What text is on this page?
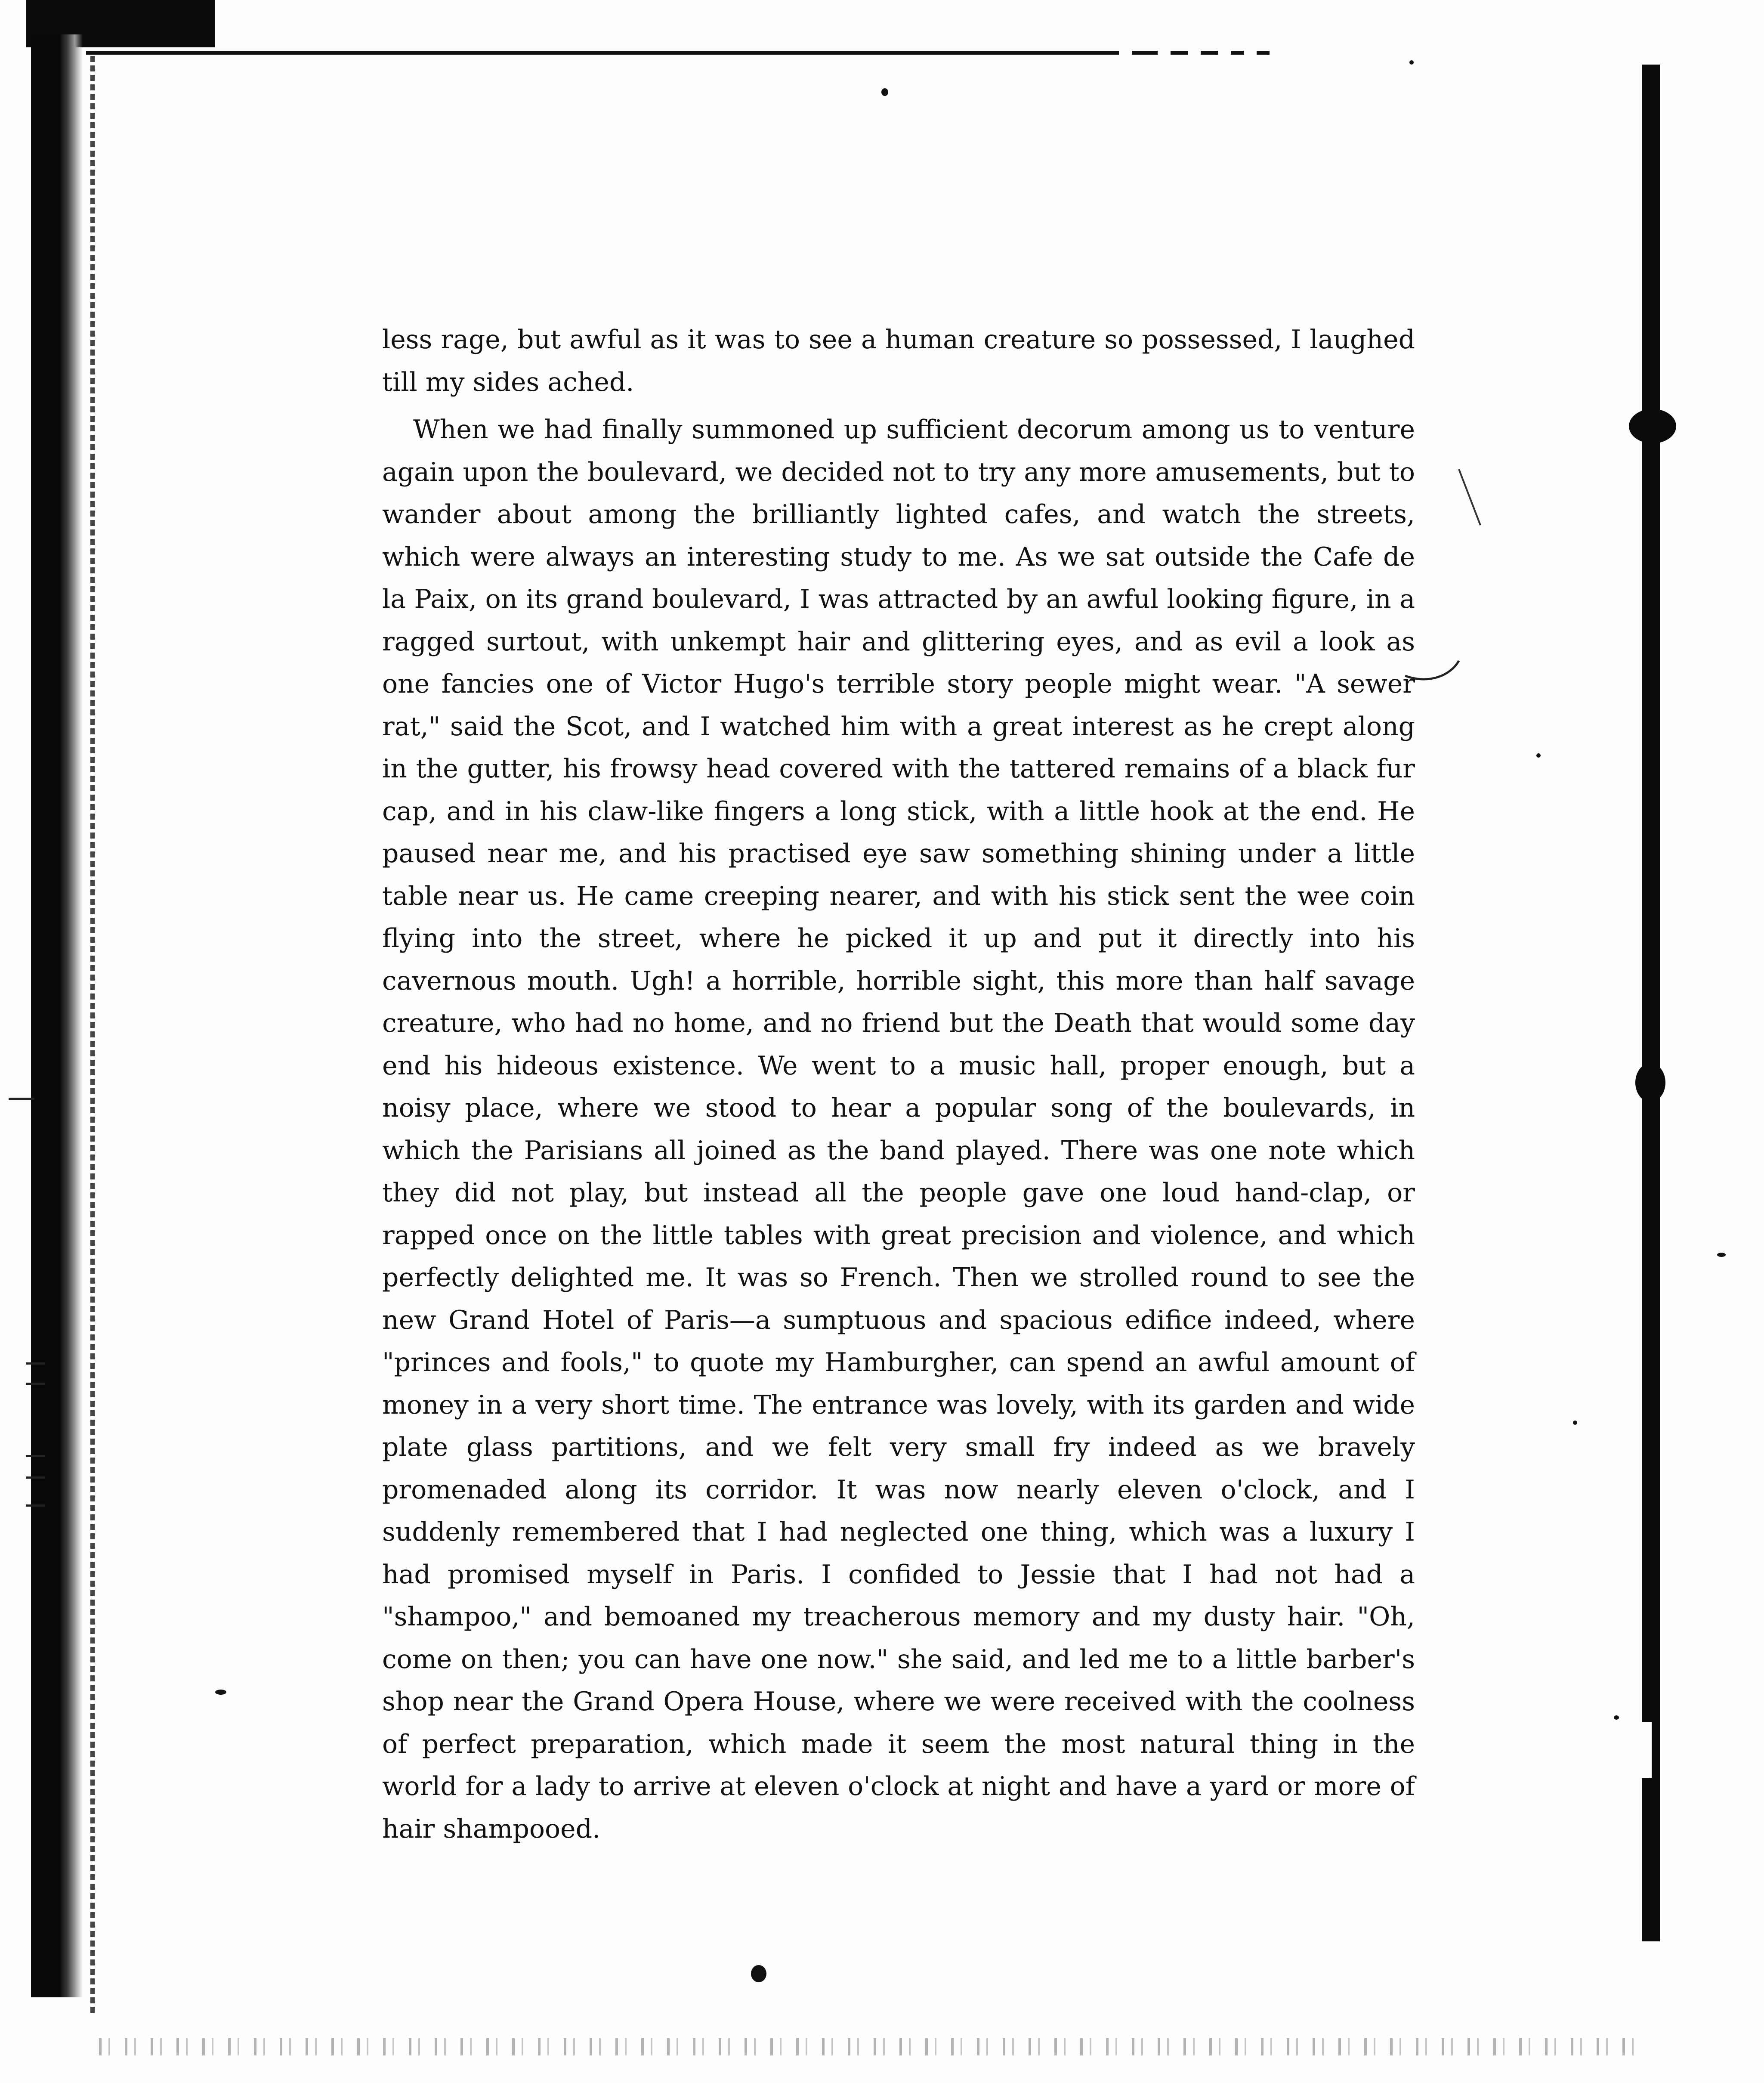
less rage, but awful as it was to see a human creature so possessed, I laughed till my sides ached.

When we had finally summoned up sufficient decorum among us to venture again upon the boulevard, we decided not to try any more amusements, but to wander about among the brilliantly lighted cafes, and watch the streets, which were always an interesting study to me. As we sat outside the Cafe de la Paix, on its grand boulevard, I was attracted by an awful looking figure, in a ragged surtout, with unkempt hair and glittering eyes, and as evil a look as one fancies one of Victor Hugo's terrible story people might wear. "A sewer rat," said the Scot, and I watched him with a great interest as he crept along in the gutter, his frowsy head covered with the tattered remains of a black fur cap, and in his claw-like fingers a long stick, with a little hook at the end. He paused near me, and his practised eye saw something shining under a little table near us. He came creeping nearer, and with his stick sent the wee coin flying into the street, where he picked it up and put it directly into his cavernous mouth. Ugh! a horrible, horrible sight, this more than half savage creature, who had no home, and no friend but the Death that would some day end his hideous existence. We went to a music hall, proper enough, but a noisy place, where we stood to hear a popular song of the boulevards, in which the Parisians all joined as the band played. There was one note which they did not play, but instead all the people gave one loud hand-clap, or rapped once on the little tables with great precision and violence, and which perfectly delighted me. It was so French. Then we strolled round to see the new Grand Hotel of Paris—a sumptuous and spacious edifice indeed, where "princes and fools," to quote my Hamburgher, can spend an awful amount of money in a very short time. The entrance was lovely, with its garden and wide plate glass partitions, and we felt very small fry indeed as we bravely promenaded along its corridor. It was now nearly eleven o'clock, and I suddenly remembered that I had neglected one thing, which was a luxury I had promised myself in Paris. I confided to Jessie that I had not had a "shampoo," and bemoaned my treacherous memory and my dusty hair. "Oh, come on then; you can have one now." she said, and led me to a little barber's shop near the Grand Opera House, where we were received with the coolness of perfect preparation, which made it seem the most natural thing in the world for a lady to arrive at eleven o'clock at night and have a yard or more of hair shampooed.
